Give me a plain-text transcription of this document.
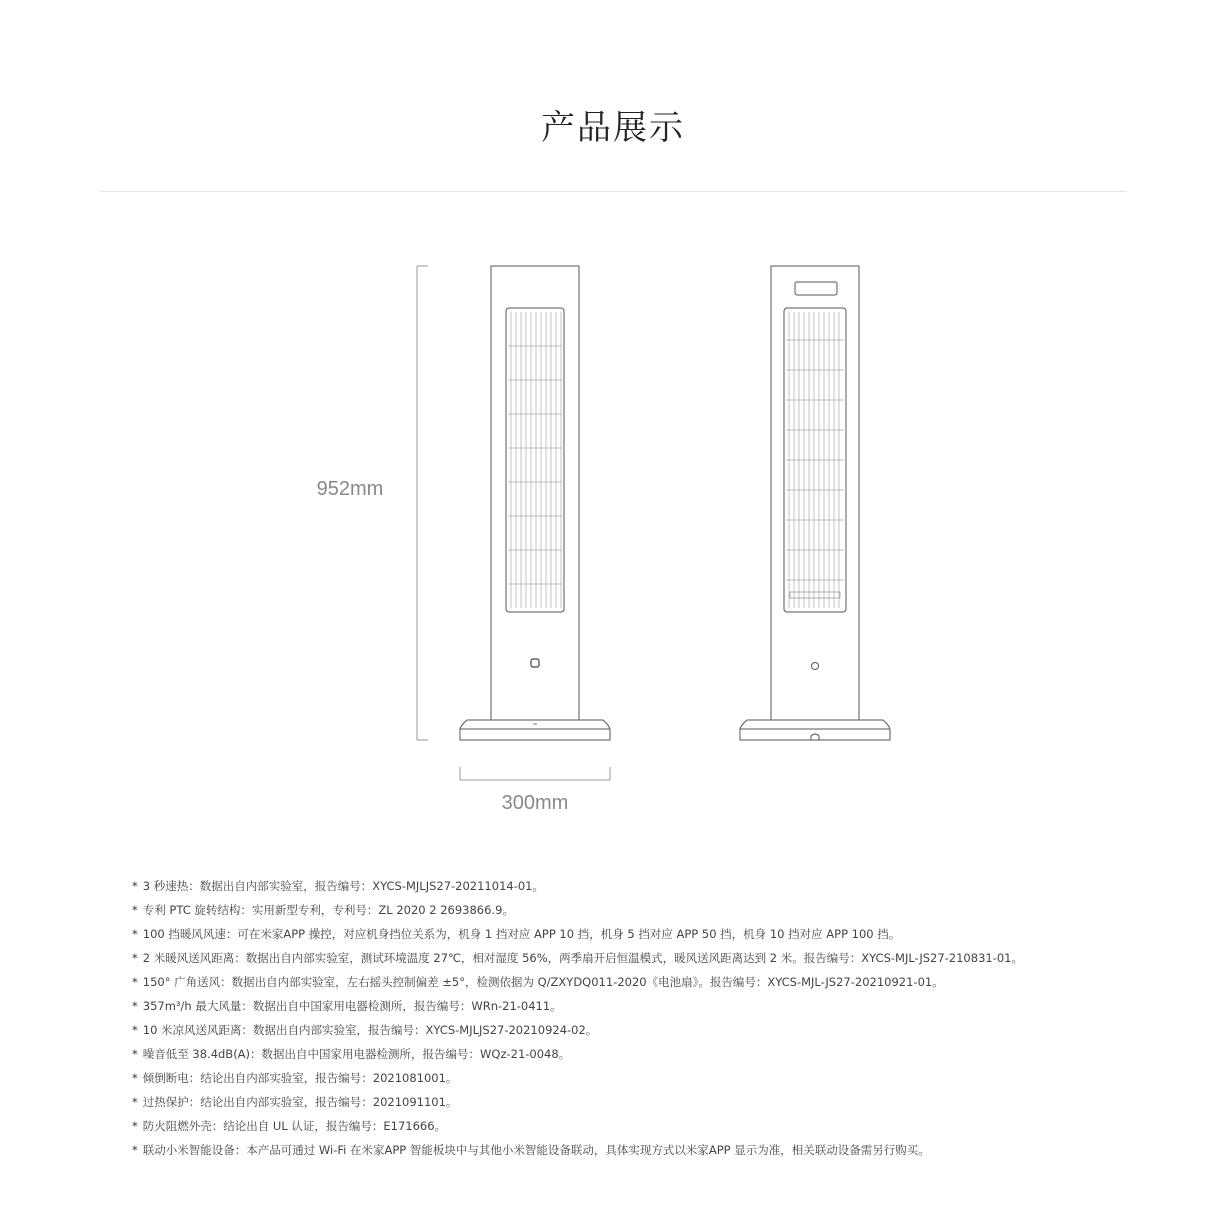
产品展示
952mm
300mm
* 3 秒速热：数据出自内部实验室，报告编号：XYCS-MJLJS27-20211014-01。
* 专利 PTC 旋转结构：实用新型专利，专利号：ZL 2020 2 2693866.9。
* 100 挡暖风风速：可在米家APP 操控，对应机身挡位关系为，机身 1 挡对应 APP 10 挡，机身 5 挡对应 APP 50 挡，机身 10 挡对应 APP 100 挡。
* 2 米暖风送风距离：数据出自内部实验室，测试环境温度 27℃，相对湿度 56%，两季扇开启恒温模式，暖风送风距离达到 2 米。报告编号：XYCS-MJL-JS27-210831-01。
* 150° 广角送风：数据出自内部实验室，左右摇头控制偏差 ±5°，检测依据为 Q/ZXYDQ011-2020《电池扇》。报告编号：XYCS-MJL-JS27-20210921-01。
* 357m³/h 最大风量：数据出自中国家用电器检测所，报告编号：WRn-21-0411。
* 10 米凉风送风距离：数据出自内部实验室，报告编号：XYCS-MJLJS27-20210924-02。
* 噪音低至 38.4dB(A)：数据出自中国家用电器检测所，报告编号：WQz-21-0048。
* 倾倒断电：结论出自内部实验室，报告编号：2021081001。
* 过热保护：结论出自内部实验室，报告编号：2021091101。
* 防火阻燃外壳：结论出自 UL 认证，报告编号：E171666。
* 联动小米智能设备：本产品可通过 Wi-Fi 在米家APP 智能板块中与其他小米智能设备联动，具体实现方式以米家APP 显示为准，相关联动设备需另行购买。
